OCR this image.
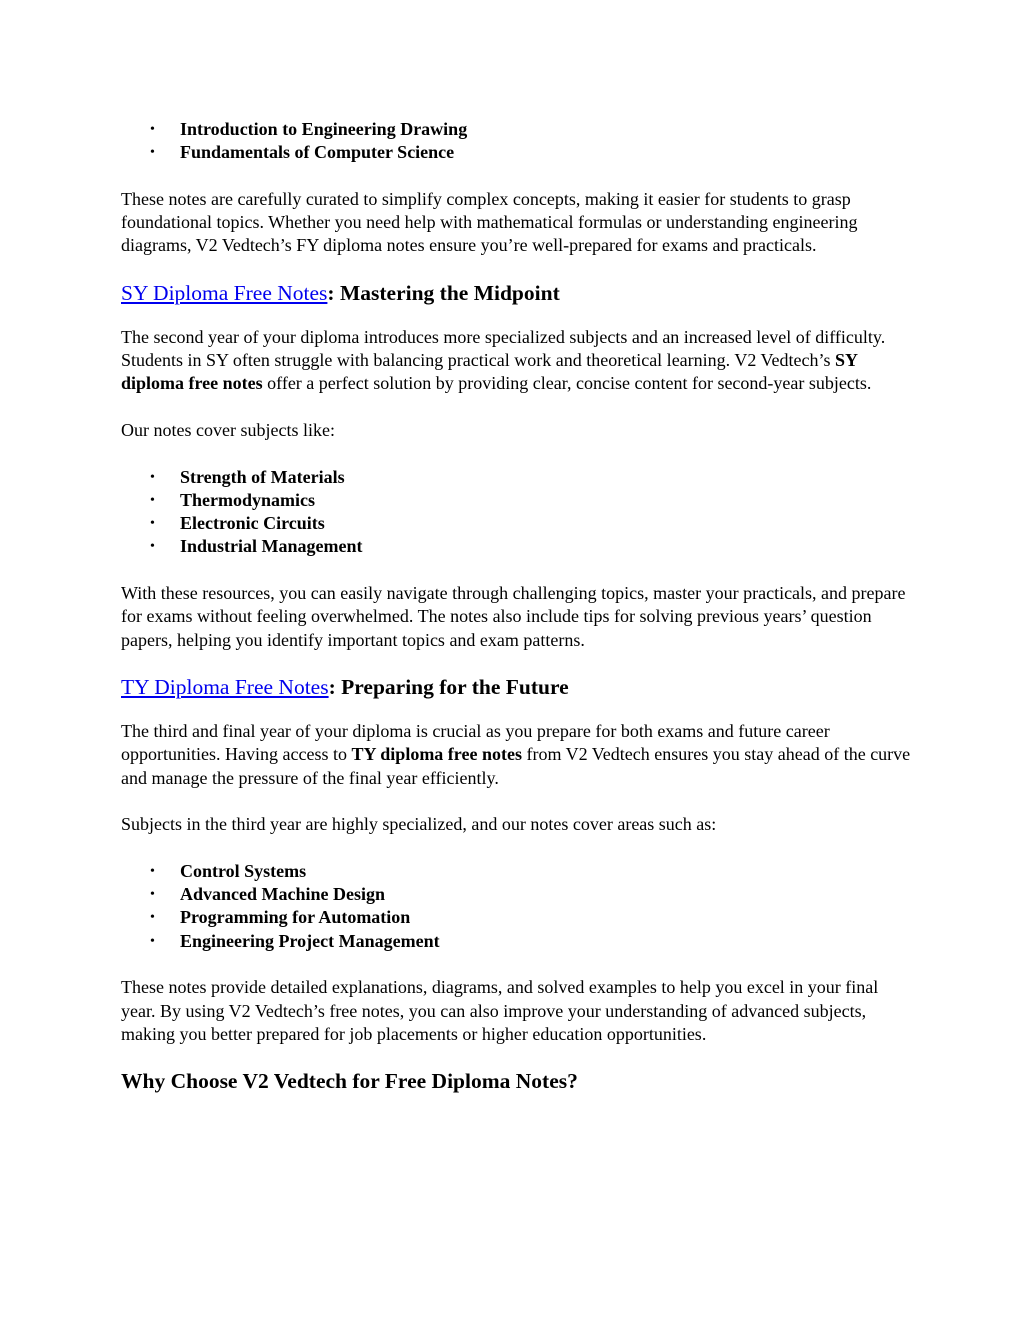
• Introduction to Engineering Drawing
• Fundamentals of Computer Science

These notes are carefully curated to simplify complex concepts, making it easier for students to grasp foundational topics. Whether you need help with mathematical formulas or understanding engineering diagrams, V2 Vedtech’s FY diploma notes ensure you’re well-prepared for exams and practicals.

SY Diploma Free Notes: Mastering the Midpoint

The second year of your diploma introduces more specialized subjects and an increased level of difficulty. Students in SY often struggle with balancing practical work and theoretical learning. V2 Vedtech’s SY diploma free notes offer a perfect solution by providing clear, concise content for second-year subjects.

Our notes cover subjects like:

• Strength of Materials
• Thermodynamics
• Electronic Circuits
• Industrial Management

With these resources, you can easily navigate through challenging topics, master your practicals, and prepare for exams without feeling overwhelmed. The notes also include tips for solving previous years’ question papers, helping you identify important topics and exam patterns.

TY Diploma Free Notes: Preparing for the Future

The third and final year of your diploma is crucial as you prepare for both exams and future career opportunities. Having access to TY diploma free notes from V2 Vedtech ensures you stay ahead of the curve and manage the pressure of the final year efficiently.

Subjects in the third year are highly specialized, and our notes cover areas such as:

• Control Systems
• Advanced Machine Design
• Programming for Automation
• Engineering Project Management

These notes provide detailed explanations, diagrams, and solved examples to help you excel in your final year. By using V2 Vedtech’s free notes, you can also improve your understanding of advanced subjects, making you better prepared for job placements or higher education opportunities.

Why Choose V2 Vedtech for Free Diploma Notes?
